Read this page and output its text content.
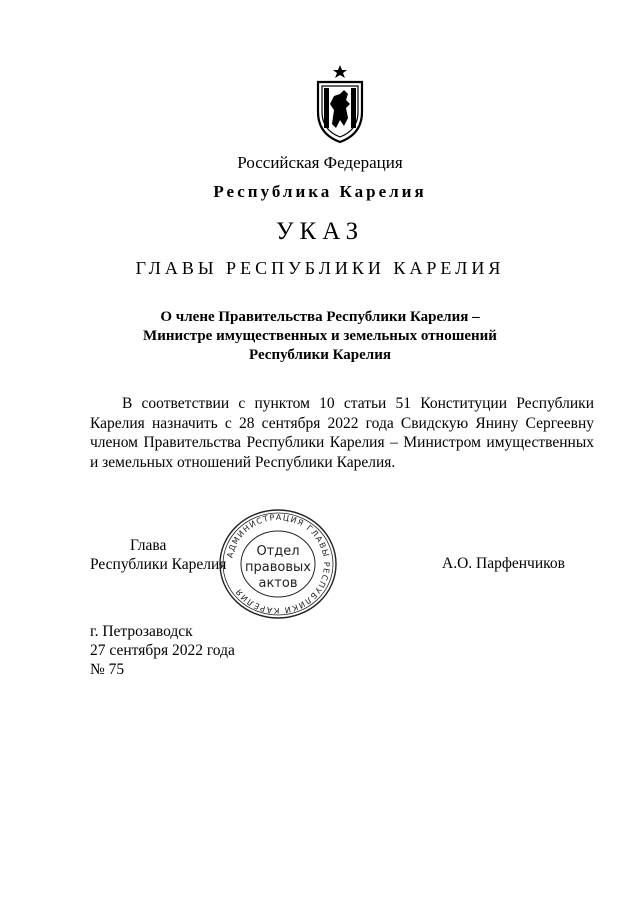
Российская Федерация
Республика Карелия
УКАЗ
ГЛАВЫ РЕСПУБЛИКИ КАРЕЛИЯ
О члене Правительства Республики Карелия –
Министре имущественных и земельных отношений
Республики Карелия
В соответствии с пунктом 10 статьи 51 Конституции Республики Карелия назначить с 28 сентября 2022 года Свидскую Янину Сергеевну членом Правительства Республики Карелия – Министром имущественных и земельных отношений Республики Карелия.
Глава
Республики Карелия	А.О. Парфенчиков
АДМИНИСТРАЦИЯ ГЛАВЫ РЕСПУБЛИКИ КАРЕЛИЯ
Отдел
правовых
актов
г. Петрозаводск
27 сентября 2022 года
№ 75
